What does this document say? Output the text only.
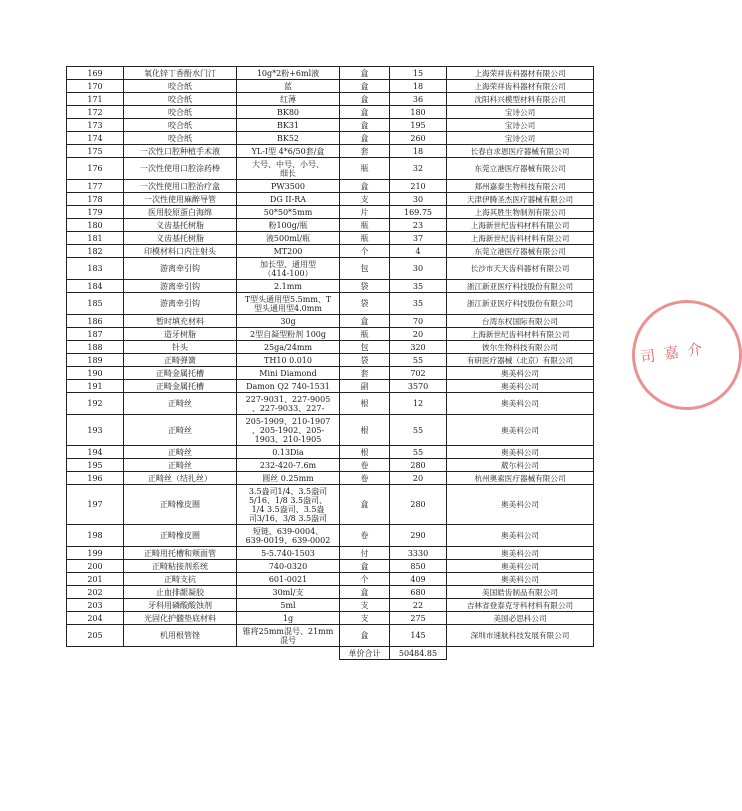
169	氧化锌丁香酚水门汀	10g*2粉+6ml液	盒	15	上海荣祥齿科器材有限公司
170	咬合纸	蓝	盒	18	上海荣祥齿科器材有限公司
171	咬合纸	红薄	盒	36	沈阳科兴模型材料有限公司
172	咬合纸	BK80	盒	180	宝诗公司
173	咬合纸	BK31	盒	195	宝诗公司
174	咬合纸	BK52	盒	260	宝诗公司
175	一次性口腔种植手术液	YL-I型 4*6/50套/盒	套	18	长春自求恩医疗器械有限公司
176	一次性使用口腔涂药棒	大号、中号、小号、
细长	瓶	32	东莞立港医疗器械有限公司
177	一次性使用口腔治疗盒	PW3500	盒	210	郑州嘉泰生物科技有限公司
178	一次性使用麻醉导管	DG II-RA	支	30	天津伊腾圣杰医疗器械有限公司
179	医用胶原蛋白海绵	50*50*5mm	片	169.75	上海其胜生物制剂有限公司
180	义齿基托树脂	粉100g/瓶	瓶	23	上海新世纪齿科材料有限公司
181	义齿基托树脂	液500ml/瓶	瓶	37	上海新世纪齿科材料有限公司
182	印模材料口内注射头	MT200	个	4	东莞立港医疗器械有限公司
183	游离牵引钩	加长型、通用型
（414-100）	包	30	长沙市天天齿科器材有限公司
184	游离牵引钩	2.1mm	袋	35	浙江新亚医疗科技股份有限公司
185	游离牵引钩	T型头通用型5.5mm、T
型头通用型4.0mm	袋	35	浙江新亚医疗科技股份有限公司
186	暂时填充材料	30g	盒	70	台湾东权国际有限公司
187	造牙树脂	2型自凝型粉剂 100g	瓶	20	上海新世纪齿科材料有限公司
188	针头	25ga/24mm	包	320	彼尔生物科技有限公司
189	正畸弹簧	TH10 0.010	袋	55	有研医疗器械（北京）有限公司
190	正畸金属托槽	Mini Diamond	套	702	奥美科公司
191	正畸金属托槽	Damon Q2 740-1531	副	3570	奥美科公司
192	正畸丝	227-9031、227-9005
、227-9033、227-	根	12	奥美科公司
193	正畸丝	205-1909、210-1907
、205-1902、205-
1903、210-1905	根	55	奥美科公司
194	正畸丝	0.13Dia	根	55	奥美科公司
195	正畸丝	232-420-7.6m	卷	280	葳尔科公司
196	正畸丝（结扎丝）	圆丝 0.25mm	卷	20	杭州奥索医疗器械有限公司
197	正畸橡皮圈	3.5盎司1/4、3.5盎司
5/16、1/8 3.5盎司、
1/4 3.5盎司、3.5盎
司3/16、3/8 3.5盎司	盒	280	奥美科公司
198	正畸橡皮圈	短链、639-0004、
639-0019、639-0002	卷	290	奥美科公司
199	正畸用托槽和颊面管	5-5.740-1503	付	3330	奥美科公司
200	正畸粘接剂系统	740-0320	盒	850	奥美科公司
201	正畸支抗	601-0021	个	409	奥美科公司
202	止血排龈凝胶	30ml/支	盒	680	美国皓齿制品有限公司
203	牙科用磷酸酸蚀剂	5ml	支	22	吉林省登泰克牙科材料有限公司
204	光固化护髓垫底材料	1g	支	275	美国必思科公司
205	机用根管锉	锥将25mm混号、21mm
混号	盒	145	深圳市速航科技发展有限公司
			单价合计	50484.85	
司 嘉 介
